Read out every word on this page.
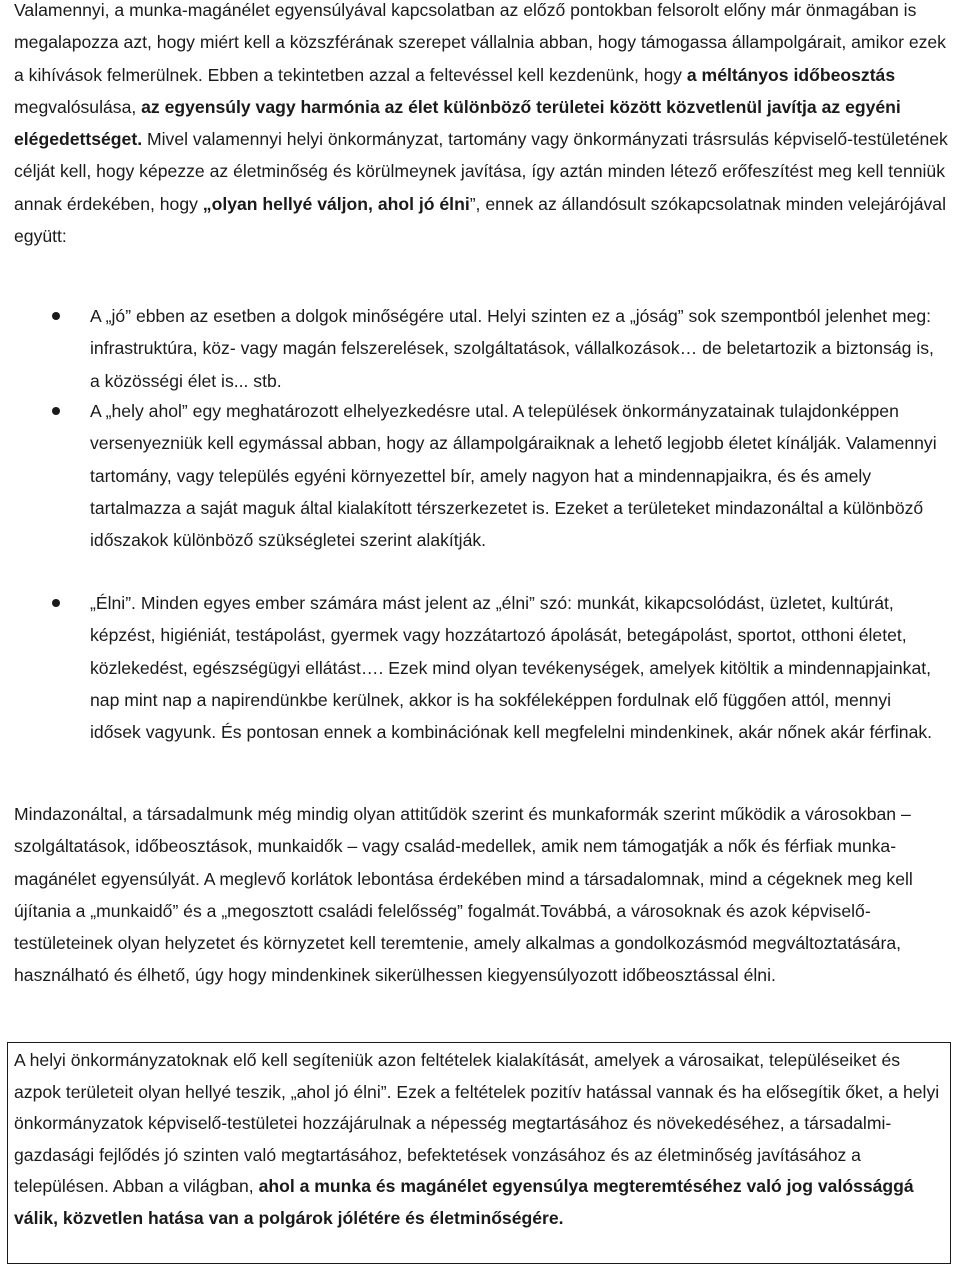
Valamennyi, a munka-magánélet egyensúlyával kapcsolatban az előző pontokban felsorolt előny már önmagában is megalapozza azt, hogy miért kell a közszférának szerepet vállalnia abban, hogy támogassa állampolgárait, amikor ezek a kihívások felmerülnek. Ebben a tekintetben azzal a feltevéssel kell kezdenünk, hogy a méltányos időbeosztás megvalósulása, az egyensúly vagy harmónia az élet különböző területei között közvetlenül javítja az egyéni elégedettséget. Mivel valamennyi helyi önkormányzat, tartomány vagy önkormányzati trásrsulás képviselő-testületének célját kell, hogy képezze az életminőség és körülmeynek javítása, így aztán minden létező erőfeszítést meg kell tenniük annak érdekében, hogy „olyan hellyé váljon, ahol jó élni”, ennek az állandósult szókapcsolatnak minden velejárójával együtt:

A „jó” ebben az esetben a dolgok minőségére utal. Helyi szinten ez a „jóság” sok szempontból jelenhet meg: infrastruktúra, köz- vagy magán felszerelések, szolgáltatások, vállalkozások… de beletartozik a biztonság is, a közösségi élet is... stb.
A „hely ahol” egy meghatározott elhelyezkedésre utal. A települések önkormányzatainak tulajdonképpen versenyezniük kell egymással abban, hogy az állampolgáraiknak a lehető legjobb életet kínálják. Valamennyi tartomány, vagy település egyéni környezettel bír, amely nagyon hat a mindennapjaikra, és és amely tartalmazza a saját maguk által kialakított térszerkezetet is. Ezeket a területeket mindazonáltal a különböző időszakok különböző szükségletei szerint alakítják.
„Élni”. Minden egyes ember számára mást jelent az „élni” szó: munkát, kikapcsolódást, üzletet, kultúrát, képzést, higiéniát, testápolást, gyermek vagy hozzátartozó ápolását, betegápolást, sportot, otthoni életet, közlekedést, egészségügyi ellátást…. Ezek mind olyan tevékenységek, amelyek kitöltik a mindennapjainkat, nap mint nap a napirendünkbe kerülnek, akkor is ha sokféleképpen fordulnak elő függően attól, mennyi idősek vagyunk. És pontosan ennek a kombinációnak kell megfelelni mindenkinek, akár nőnek akár férfinak.

Mindazonáltal, a társadalmunk még mindig olyan attitűdök szerint és munkaformák szerint működik a városokban – szolgáltatások, időbeosztások, munkaidők – vagy család-medellek, amik nem támogatják a nők és férfiak munka-magánélet egyensúlyát. A meglevő korlátok lebontása érdekében mind a társadalomnak, mind a cégeknek meg kell újítania a „munkaidő” és a „megosztott családi felelősség” fogalmát.Továbbá, a városoknak és azok képviselő-testületeinek olyan helyzetet és környzetet kell teremtenie, amely alkalmas a gondolkozásmód megváltoztatására, használható és élhető, úgy hogy mindenkinek sikerülhessen kiegyensúlyozott időbeosztással élni.

A helyi önkormányzatoknak elő kell segíteniük azon feltételek kialakítását, amelyek a városaikat, településeiket és azpok területeit olyan hellyé teszik, „ahol jó élni”. Ezek a feltételek pozitív hatással vannak és ha elősegítik őket, a helyi önkormányzatok képviselő-testületei hozzájárulnak a népesség megtartásához és növekedéséhez, a társadalmi-gazdasági fejlődés jó szinten való megtartásához, befektetések vonzásához és az életminőség javításához a településen. Abban a világban, ahol a munka és magánélet egyensúlya megteremtéséhez való jog valóssággá válik, közvetlen hatása van a polgárok jólétére és életminőségére.
